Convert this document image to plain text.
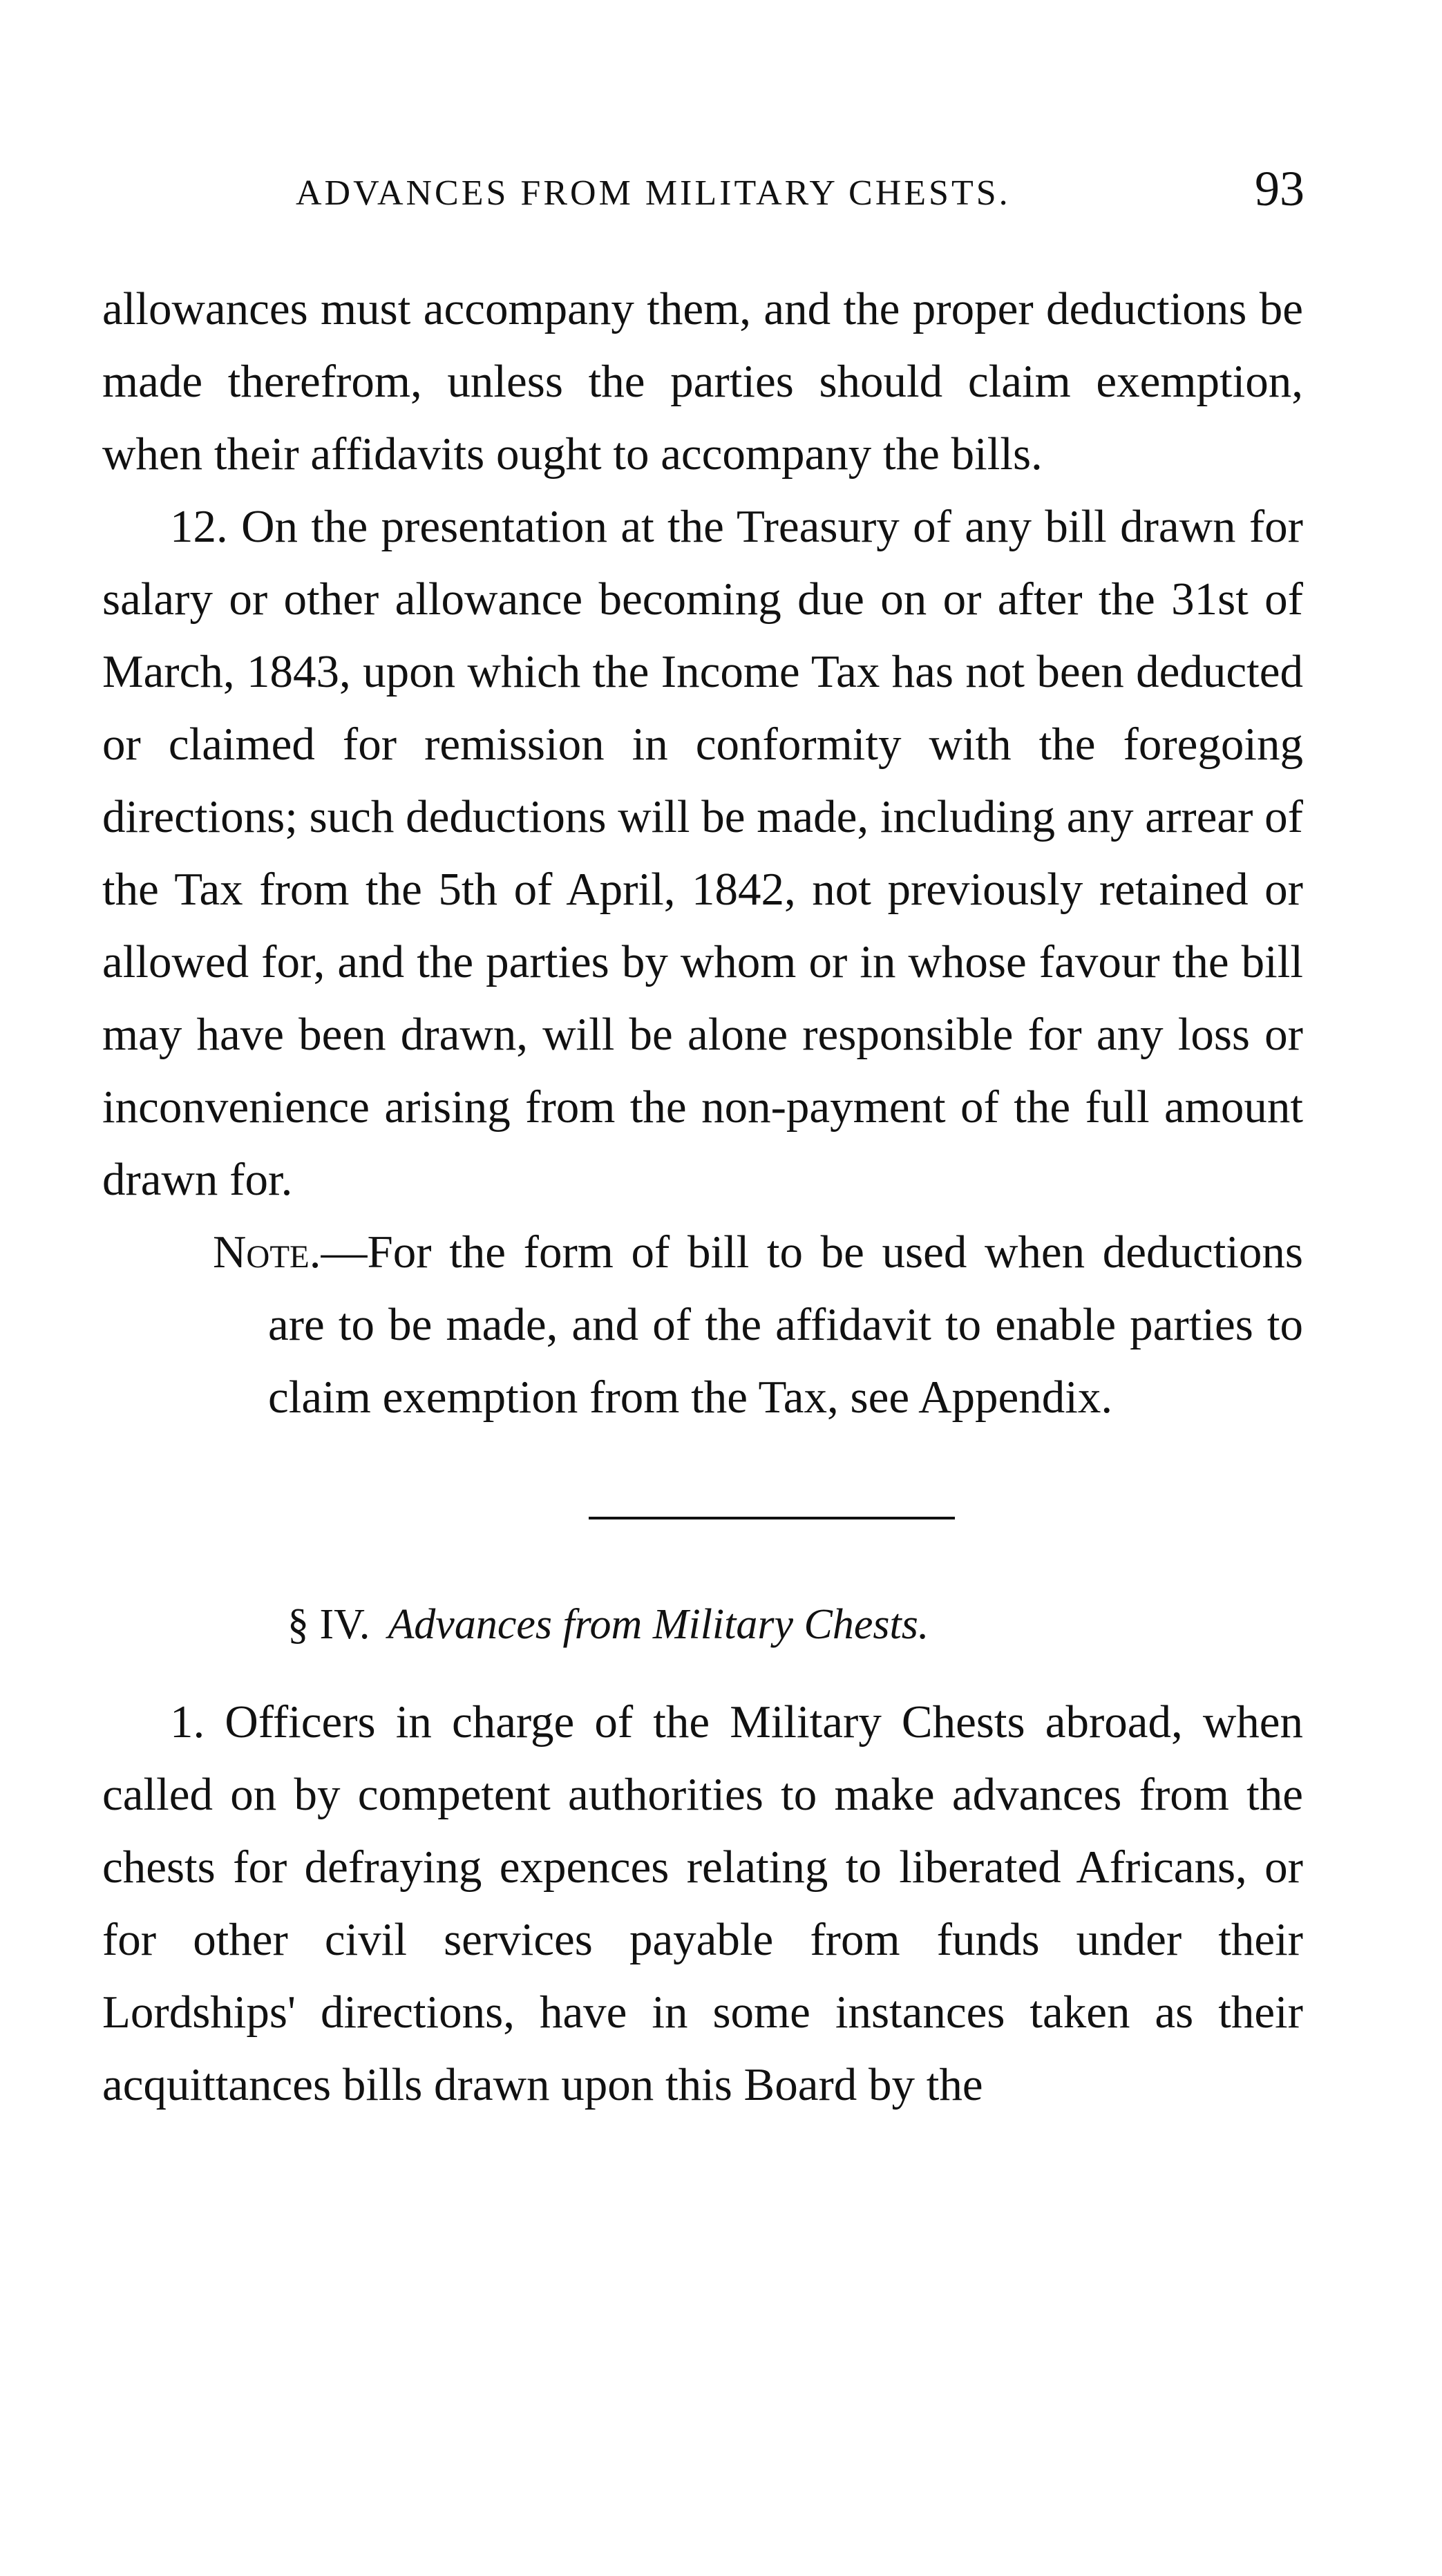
ADVANCES FROM MILITARY CHESTS.	93

allowances must accompany them, and the proper deductions be made therefrom, unless the parties should claim exemption, when their affidavits ought to accompany the bills.

12. On the presentation at the Treasury of any bill drawn for salary or other allowance becoming due on or after the 31st of March, 1843, upon which the Income Tax has not been deducted or claimed for remission in conformity with the foregoing directions; such deductions will be made, including any arrear of the Tax from the 5th of April, 1842, not previously retained or allowed for, and the parties by whom or in whose favour the bill may have been drawn, will be alone responsible for any loss or inconvenience arising from the non-payment of the full amount drawn for.

Note.—For the form of bill to be used when deductions are to be made, and of the affidavit to enable parties to claim exemption from the Tax, see Appendix.

§ IV. Advances from Military Chests.

1. Officers in charge of the Military Chests abroad, when called on by competent authorities to make advances from the chests for defraying expences relating to liberated Africans, or for other civil services payable from funds under their Lordships' directions, have in some instances taken as their acquittances bills drawn upon this Board by the
